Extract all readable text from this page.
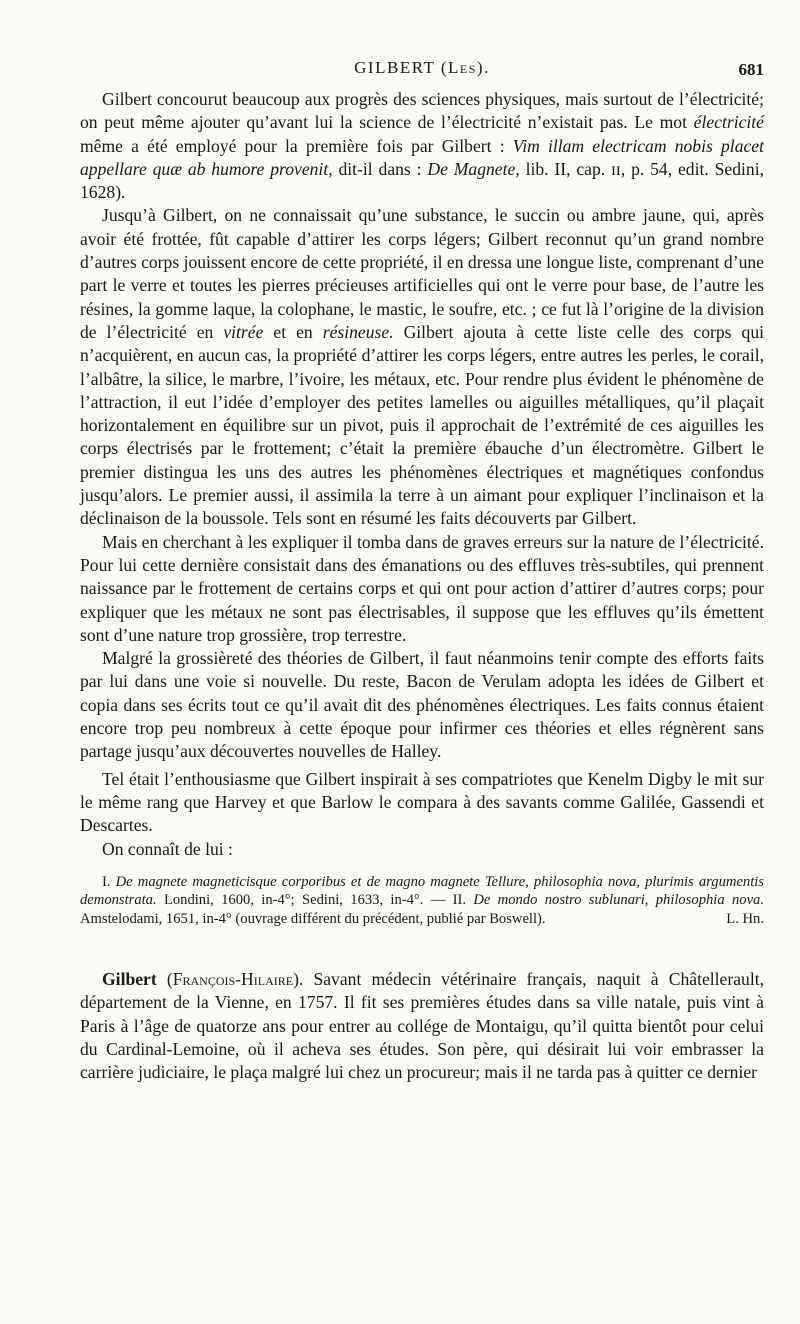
GILBERT (Les).	681

Gilbert concourut beaucoup aux progrès des sciences physiques, mais surtout de l’électricité; on peut même ajouter qu’avant lui la science de l’électricité n’existait pas. Le mot électricité même a été employé pour la première fois par Gilbert : Vim illam electricam nobis placet appellare quæ ab humore provenit, dit-il dans : De Magnete, lib. II, cap. ɪɪ, p. 54, edit. Sedini, 1628).

Jusqu’à Gilbert, on ne connaissait qu’une substance, le succin ou ambre jaune, qui, après avoir été frottée, fût capable d’attirer les corps légers; Gilbert reconnut qu’un grand nombre d’autres corps jouissent encore de cette propriété, il en dressa une longue liste, comprenant d’une part le verre et toutes les pierres précieuses artificielles qui ont le verre pour base, de l’autre les résines, la gomme laque, la colophane, le mastic, le soufre, etc. ; ce fut là l’origine de la division de l’électricité en vitrée et en résineuse. Gilbert ajouta à cette liste celle des corps qui n’acquièrent, en aucun cas, la propriété d’attirer les corps légers, entre autres les perles, le corail, l’albâtre, la silice, le marbre, l’ivoire, les métaux, etc. Pour rendre plus évident le phénomène de l’attraction, il eut l’idée d’employer des petites lamelles ou aiguilles métalliques, qu’il plaçait horizontalement en équilibre sur un pivot, puis il approchait de l’extrémité de ces aiguilles les corps électrisés par le frottement; c’était la première ébauche d’un électromètre. Gilbert le premier distingua les uns des autres les phénomènes électriques et magnétiques confondus jusqu’alors. Le premier aussi, il assimila la terre à un aimant pour expliquer l’inclinaison et la déclinaison de la boussole. Tels sont en résumé les faits découverts par Gilbert.

Mais en cherchant à les expliquer il tomba dans de graves erreurs sur la nature de l’électricité. Pour lui cette dernière consistait dans des émanations ou des effluves très-subtiles, qui prennent naissance par le frottement de certains corps et qui ont pour action d’attirer d’autres corps; pour expliquer que les métaux ne sont pas électrisables, il suppose que les effluves qu’ils émettent sont d’une nature trop grossière, trop terrestre.

Malgré la grossièreté des théories de Gilbert, il faut néanmoins tenir compte des efforts faits par lui dans une voie si nouvelle. Du reste, Bacon de Verulam adopta les idées de Gilbert et copia dans ses écrits tout ce qu’il avait dit des phénomènes électriques. Les faits connus étaient encore trop peu nombreux à cette époque pour infirmer ces théories et elles régnèrent sans partage jusqu’aux découvertes nouvelles de Halley.

Tel était l’enthousiasme que Gilbert inspirait à ses compatriotes que Kenelm Digby le mit sur le même rang que Harvey et que Barlow le compara à des savants comme Galilée, Gassendi et Descartes.

On connaît de lui :

I. De magnete magneticisque corporibus et de magno magnete Tellure, philosophia nova, plurimis argumentis demonstrata. Londini, 1600, in-4°; Sedini, 1633, in-4°. — II. De mondo nostro sublunari, philosophia nova. Amstelodami, 1651, in-4° (ouvrage différent du précédent, publié par Boswell).	L. Hn.

Gilbert (François-Hilaire). Savant médecin vétérinaire français, naquit à Châtellerault, département de la Vienne, en 1757. Il fit ses premières études dans sa ville natale, puis vint à Paris à l’âge de quatorze ans pour entrer au collége de Montaigu, qu’il quitta bientôt pour celui du Cardinal-Lemoine, où il acheva ses études. Son père, qui désirait lui voir embrasser la carrière judiciaire, le plaça malgré lui chez un procureur; mais il ne tarda pas à quitter ce dernier
